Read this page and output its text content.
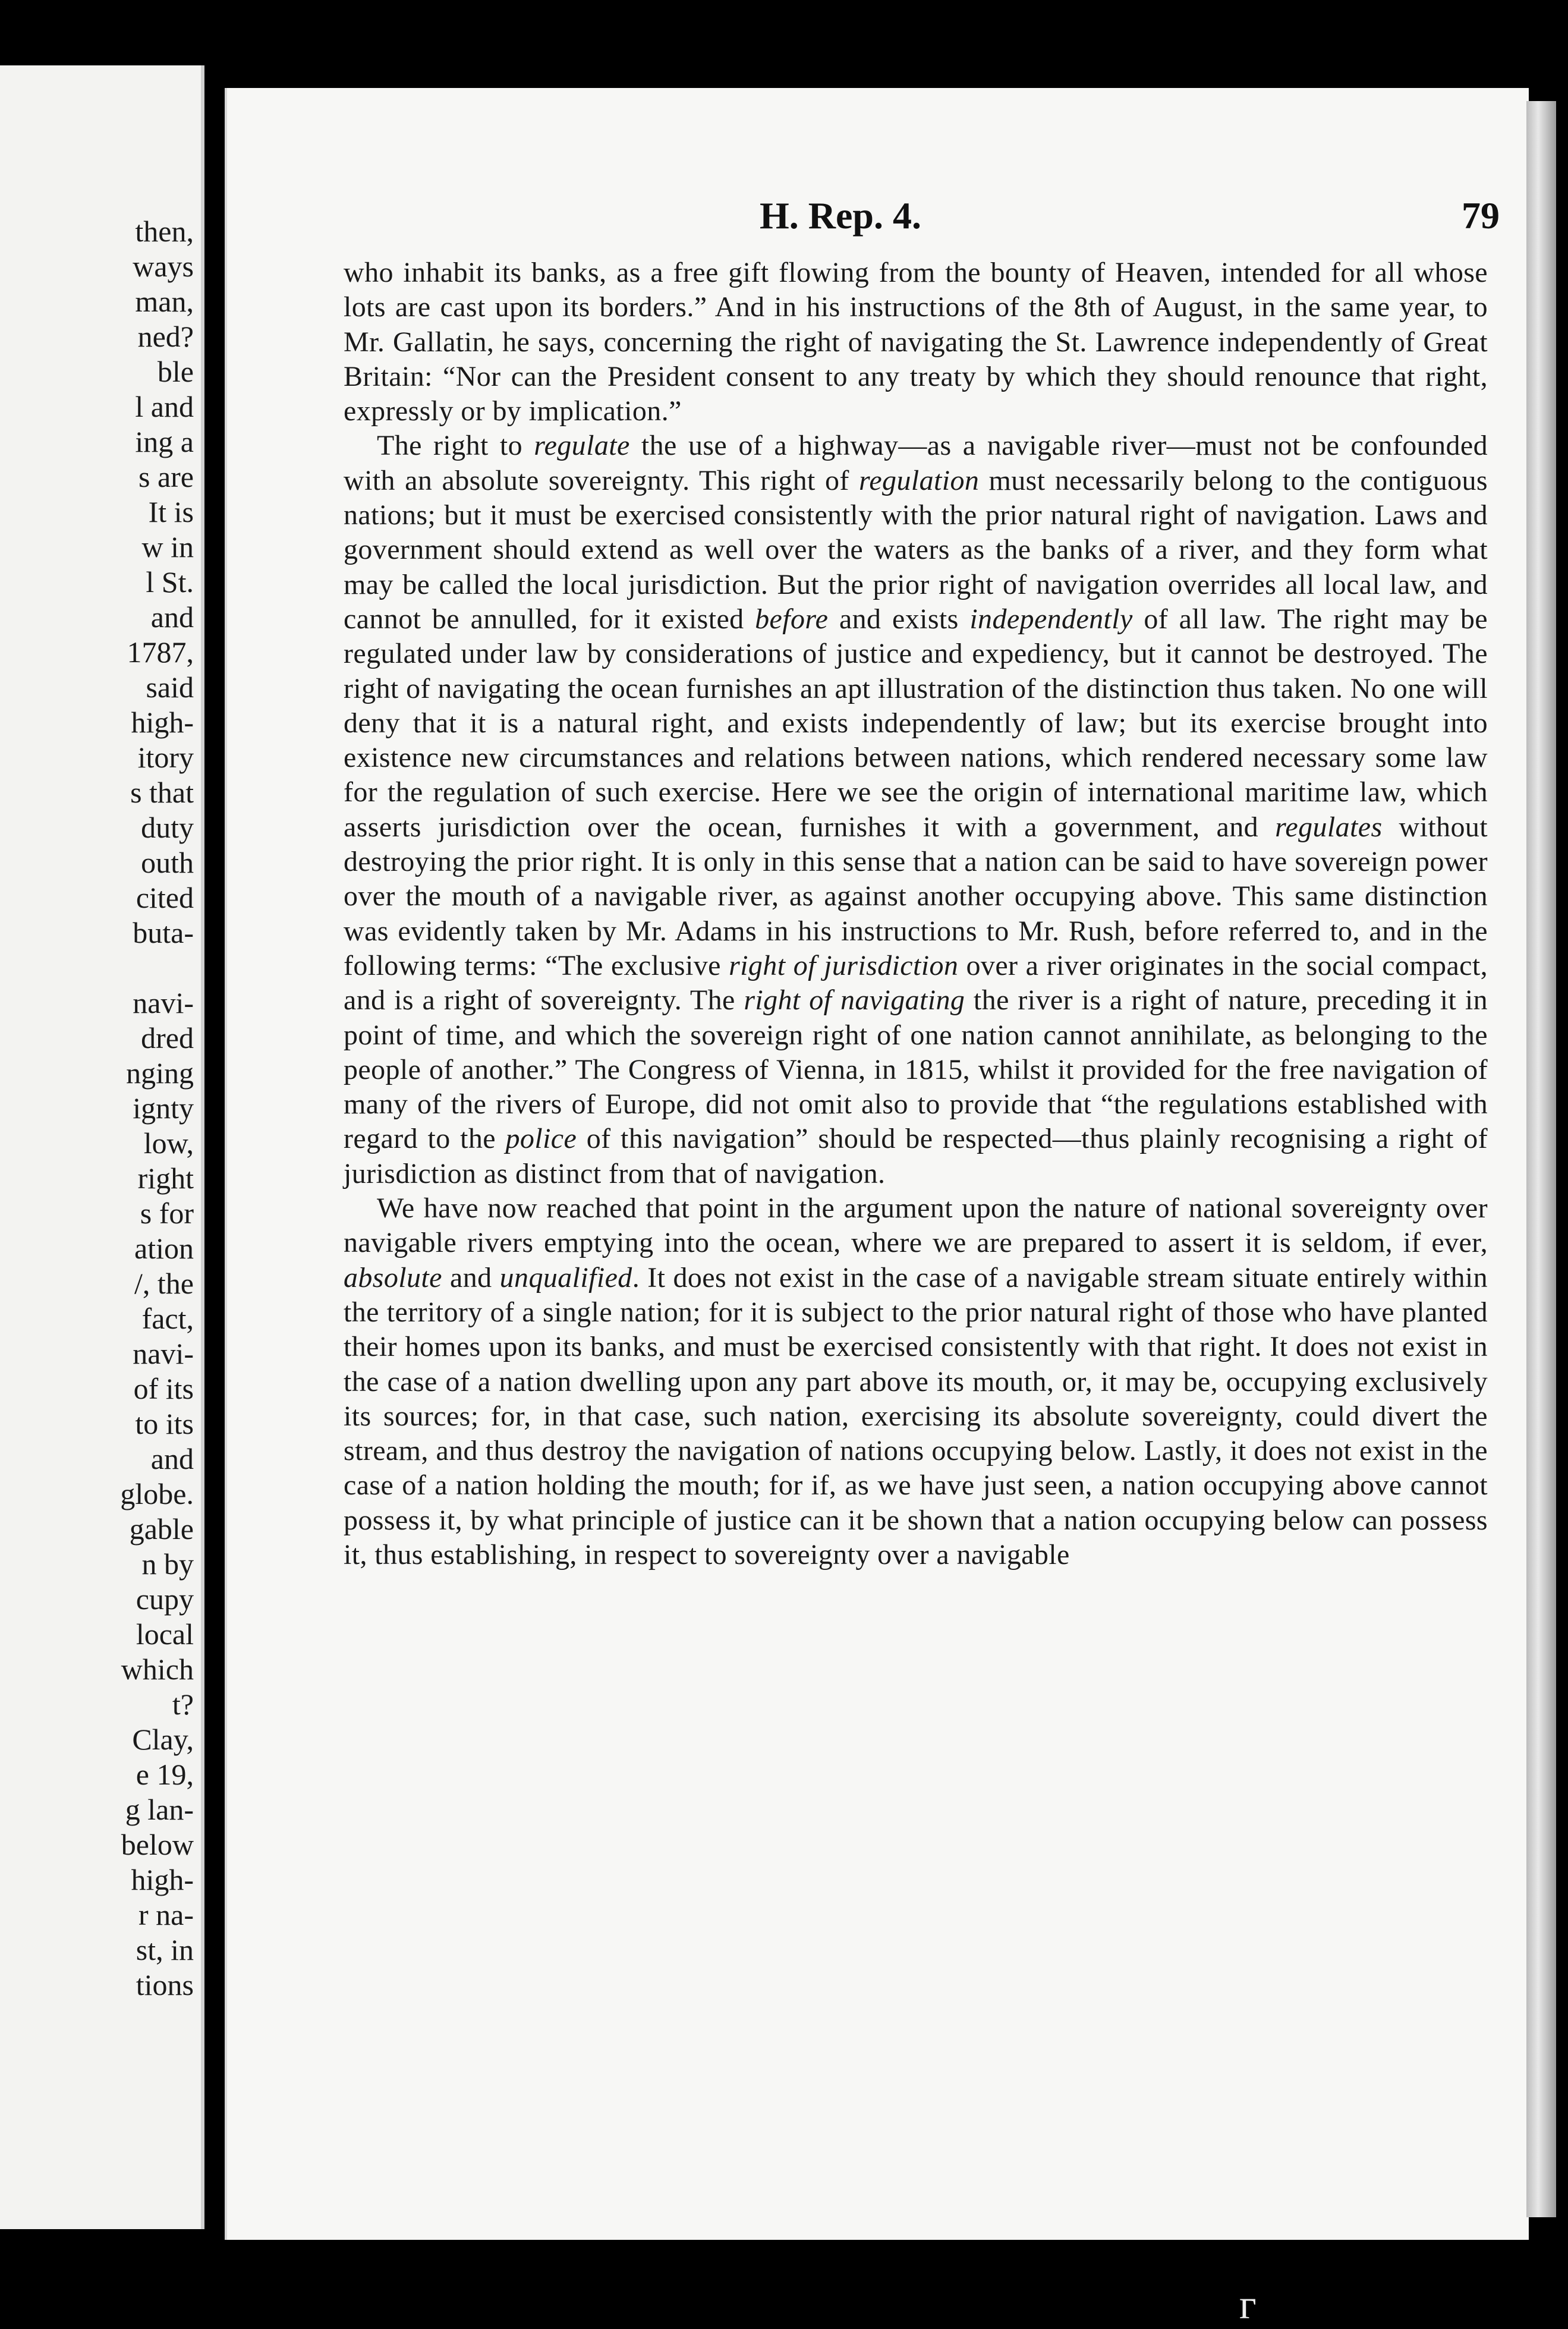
then,
ways
man,
ned?
ble
l and
ing a
s are
It is
w in
l St.
and
1787,
said
high-
itory
s that
duty
outh
cited
buta-

navi-
dred
nging
ignty
low,
right
s for
ation
/, the
fact,
navi-
of its
to its
and
globe.
gable
n by
cupy
local
which
t?
Clay,
e 19,
g lan-
below
high-
r na-
st, in
tions
H. Rep. 4.	79

who inhabit its banks, as a free gift flowing from the bounty of Heaven, intended for all whose lots are cast upon its borders.” And in his instructions of the 8th of August, in the same year, to Mr. Gallatin, he says, concerning the right of navigating the St. Lawrence independently of Great Britain: “Nor can the President consent to any treaty by which they should renounce that right, expressly or by implication.”

The right to regulate the use of a highway—as a navigable river—must not be confounded with an absolute sovereignty. This right of regulation must necessarily belong to the contiguous nations; but it must be exercised consistently with the prior natural right of navigation. Laws and government should extend as well over the waters as the banks of a river, and they form what may be called the local jurisdiction. But the prior right of navigation overrides all local law, and cannot be annulled, for it existed before and exists independently of all law. The right may be regulated under law by considerations of justice and expediency, but it cannot be destroyed. The right of navigating the ocean furnishes an apt illustration of the distinction thus taken. No one will deny that it is a natural right, and exists independently of law; but its exercise brought into existence new circumstances and relations between nations, which rendered necessary some law for the regulation of such exercise. Here we see the origin of international maritime law, which asserts jurisdiction over the ocean, furnishes it with a government, and regulates without destroying the prior right. It is only in this sense that a nation can be said to have sovereign power over the mouth of a navigable river, as against another occupying above. This same distinction was evidently taken by Mr. Adams in his instructions to Mr. Rush, before referred to, and in the following terms: “The exclusive right of jurisdiction over a river originates in the social compact, and is a right of sovereignty. The right of navigating the river is a right of nature, preceding it in point of time, and which the sovereign right of one nation cannot annihilate, as belonging to the people of another.” The Congress of Vienna, in 1815, whilst it provided for the free navigation of many of the rivers of Europe, did not omit also to provide that “the regulations established with regard to the police of this navigation” should be respected—thus plainly recognising a right of jurisdiction as distinct from that of navigation.

We have now reached that point in the argument upon the nature of national sovereignty over navigable rivers emptying into the ocean, where we are prepared to assert it is seldom, if ever, absolute and unqualified. It does not exist in the case of a navigable stream situate entirely within the territory of a single nation; for it is subject to the prior natural right of those who have planted their homes upon its banks, and must be exercised consistently with that right. It does not exist in the case of a nation dwelling upon any part above its mouth, or, it may be, occupying exclusively its sources; for, in that case, such nation, exercising its absolute sovereignty, could divert the stream, and thus destroy the navigation of nations occupying below. Lastly, it does not exist in the case of a nation holding the mouth; for if, as we have just seen, a nation occupying above cannot possess it, by what principle of justice can it be shown that a nation occupying below can possess it, thus establishing, in respect to sovereignty over a navigable

г
